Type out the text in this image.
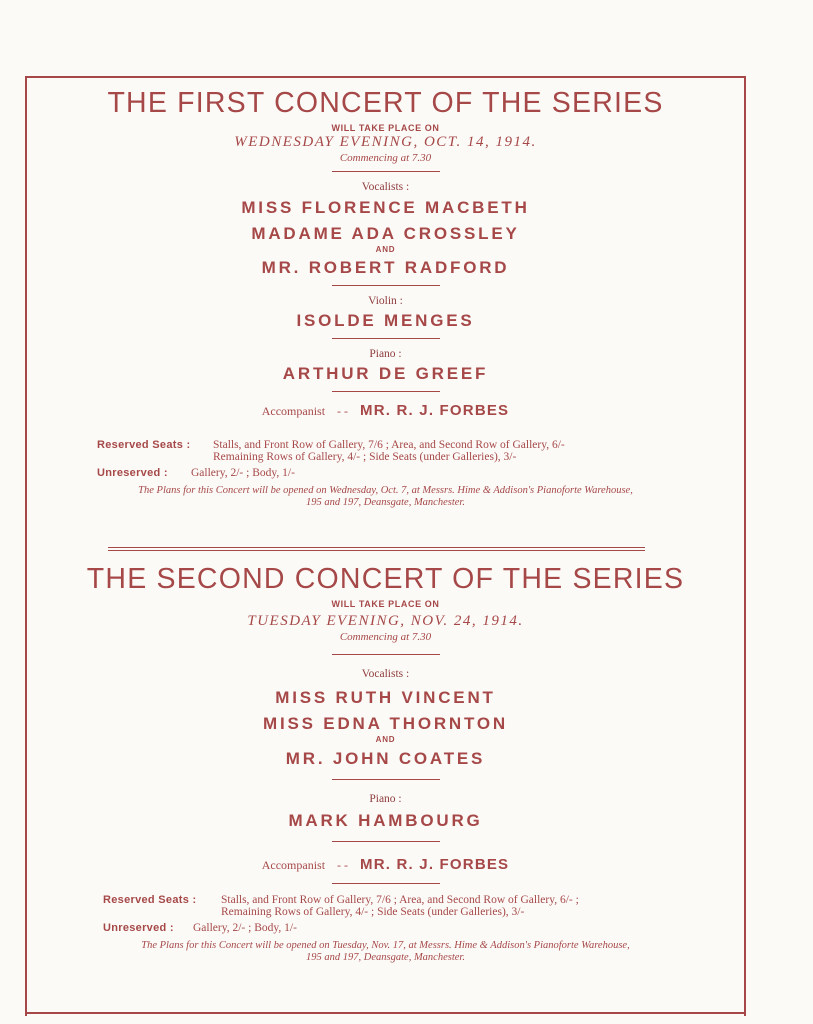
THE FIRST CONCERT OF THE SERIES
WILL TAKE PLACE ON
WEDNESDAY EVENING, OCT. 14, 1914.
Commencing at 7.30
Vocalists :
MISS FLORENCE MACBETH
MADAME ADA CROSSLEY
AND
MR. ROBERT RADFORD
Violin :
ISOLDE MENGES
Piano :
ARTHUR DE GREEF
Accompanist - - MR. R. J. FORBES
Reserved Seats : Stalls, and Front Row of Gallery, 7/6 ; Area, and Second Row of Gallery, 6/-
Remaining Rows of Gallery, 4/- ; Side Seats (under Galleries), 3/-
Unreserved : Gallery, 2/- ; Body, 1/-
The Plans for this Concert will be opened on Wednesday, Oct. 7, at Messrs. Hime & Addison's Pianoforte Warehouse,
195 and 197, Deansgate, Manchester.
THE SECOND CONCERT OF THE SERIES
WILL TAKE PLACE ON
TUESDAY EVENING, NOV. 24, 1914.
Commencing at 7.30
Vocalists :
MISS RUTH VINCENT
MISS EDNA THORNTON
AND
MR. JOHN COATES
Piano :
MARK HAMBOURG
Accompanist - - MR. R. J. FORBES
Reserved Seats : Stalls, and Front Row of Gallery, 7/6 ; Area, and Second Row of Gallery, 6/- ;
Remaining Rows of Gallery, 4/- ; Side Seats (under Galleries), 3/-
Unreserved : Gallery, 2/- ; Body, 1/-
The Plans for this Concert will be opened on Tuesday, Nov. 17, at Messrs. Hime & Addison's Pianoforte Warehouse,
195 and 197, Deansgate, Manchester.
